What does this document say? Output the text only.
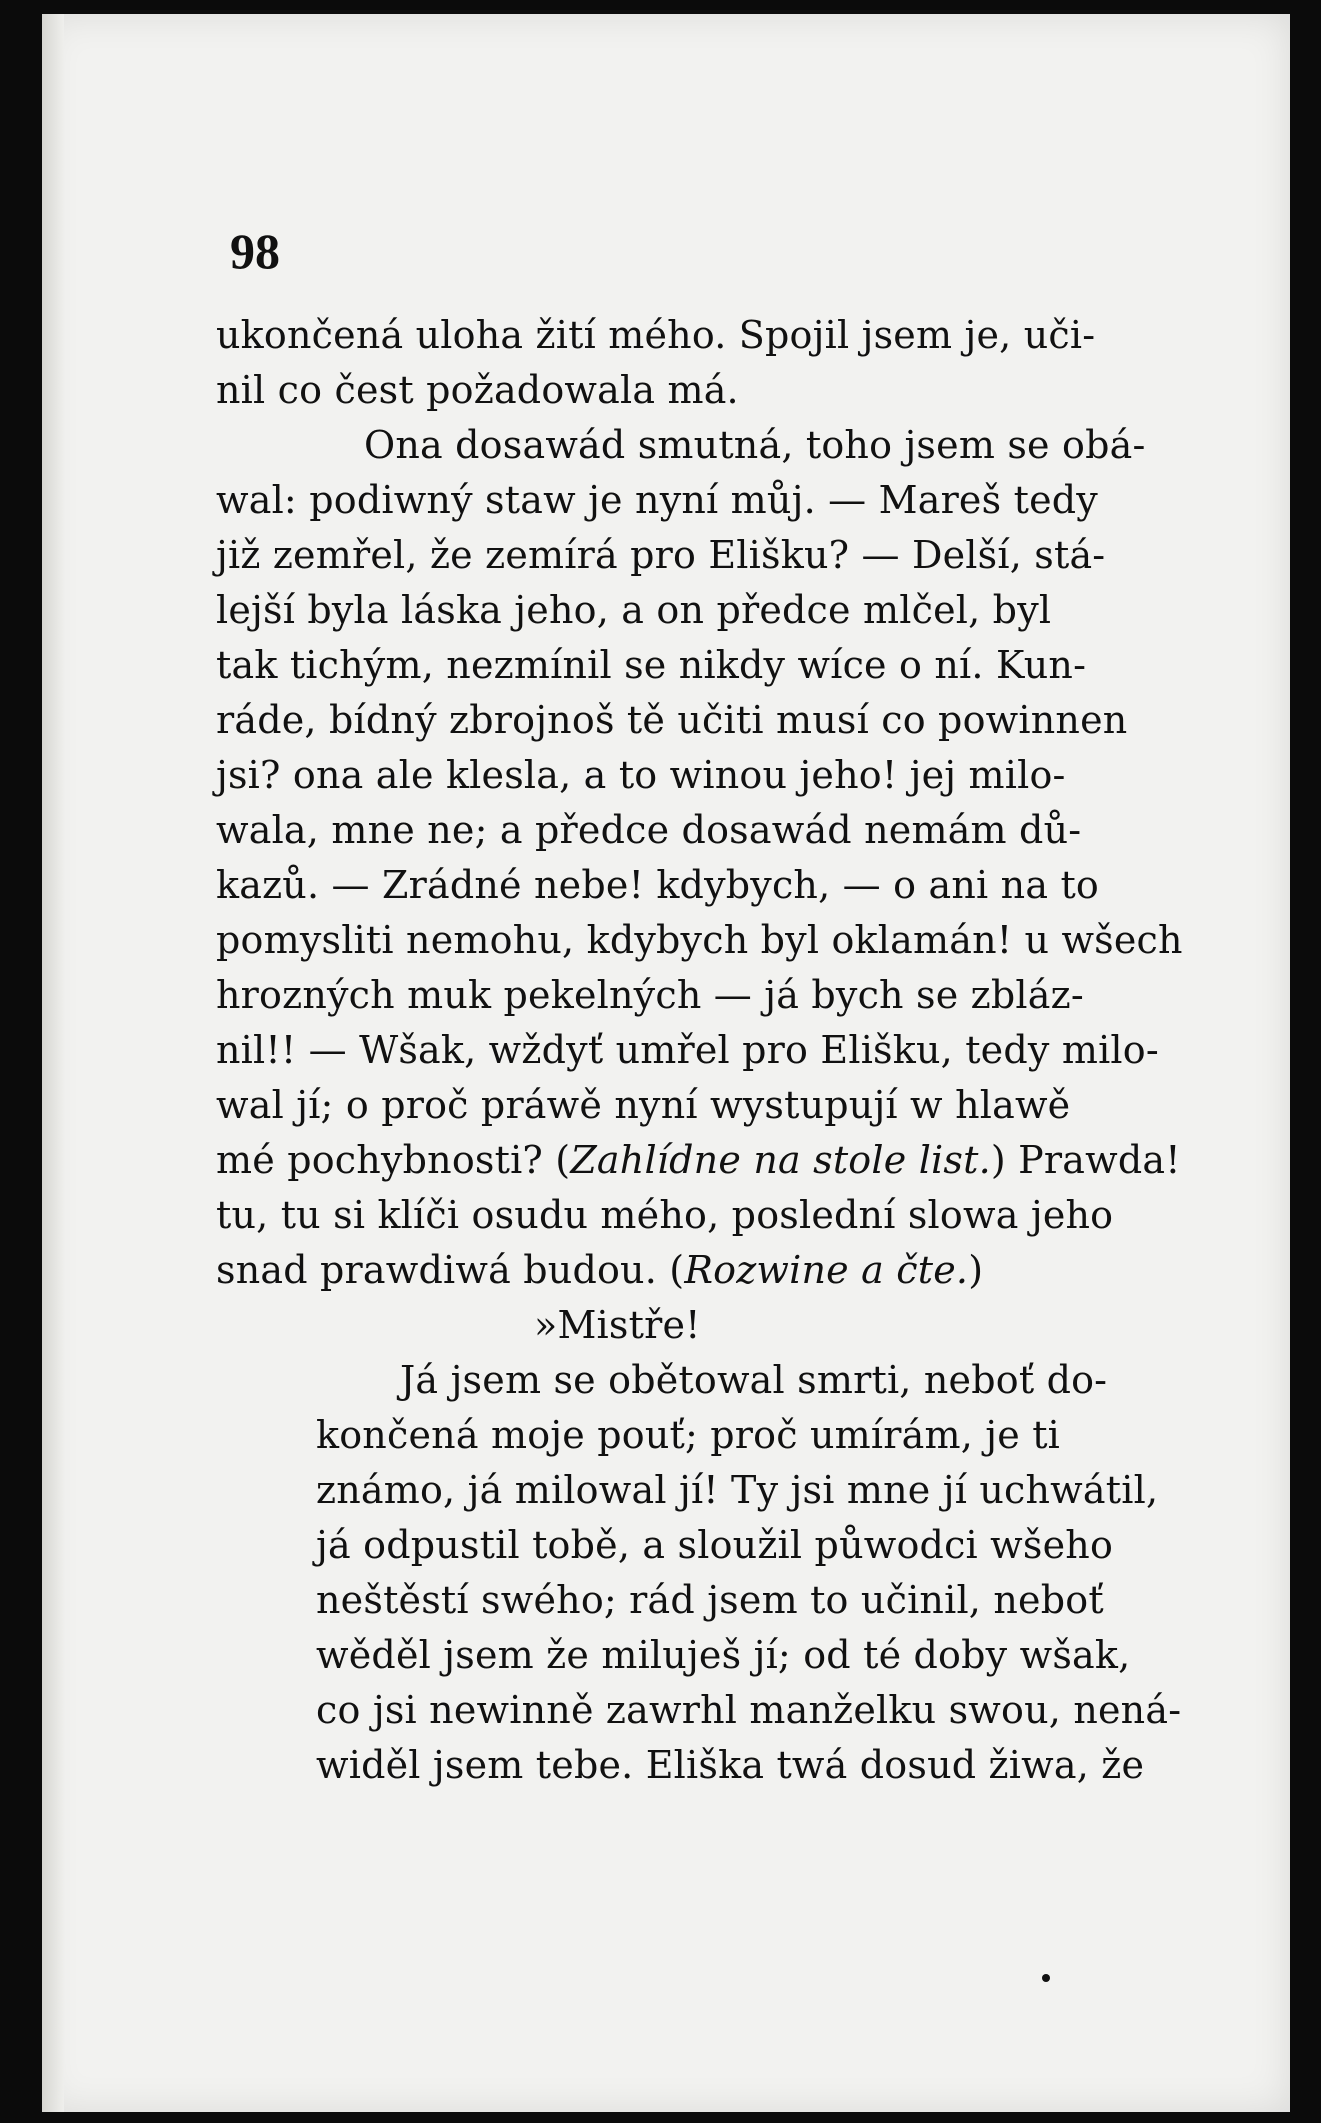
98
ukončená uloha žití mého. Spojil jsem je, uči-
nil co čest požadowala má.
Ona dosawád smutná, toho jsem se obá-
wal: podiwný staw je nyní můj. — Mareš tedy
již zemřel, že zemírá pro Elišku? — Delší, stá-
lejší byla láska jeho, a on předce mlčel, byl
tak tichým, nezmínil se nikdy wíce o ní. Kun-
ráde, bídný zbrojnoš tě učiti musí co powinnen
jsi? ona ale klesla, a to winou jeho! jej milo-
wala, mne ne; a předce dosawád nemám dů-
kazů. — Zrádné nebe! kdybych, — o ani na to
pomysliti nemohu, kdybych byl oklamán! u wšech
hrozných muk pekelných — já bych se zbláz-
nil!! — Wšak, wždyť umřel pro Elišku, tedy milo-
wal jí; o proč práwě nyní wystupují w hlawě
mé pochybnosti? (Zahlídne na stole list.) Prawda!
tu, tu si klíči osudu mého, poslední slowa jeho
snad prawdiwá budou. (Rozwine a čte.)
»Mistře!
Já jsem se obětowal smrti, neboť do-
končená moje pouť; proč umírám, je ti
známo, já milowal jí! Ty jsi mne jí uchwátil,
já odpustil tobě, a sloužil půwodci wšeho
neštěstí swého; rád jsem to učinil, neboť
wěděl jsem že miluješ jí; od té doby wšak,
co jsi newinně zawrhl manželku swou, nená-
widěl jsem tebe. Eliška twá dosud žiwa, že
